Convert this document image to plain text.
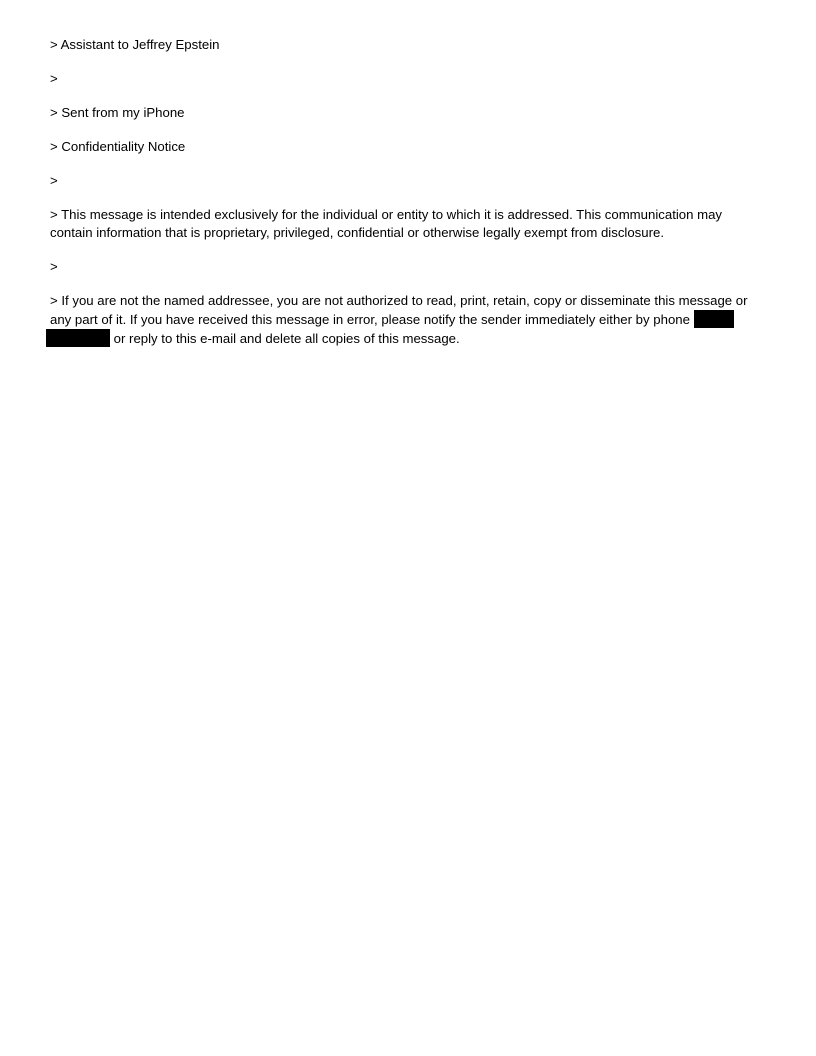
> Assistant to Jeffrey Epstein

>

> Sent from my iPhone

> Confidentiality Notice

>

> This message is intended exclusively for the individual or entity to which it is addressed. This communication may contain information that is proprietary, privileged, confidential or otherwise legally exempt from disclosure.

>

> If you are not the named addressee, you are not authorized to read, print, retain, copy or disseminate this message or any part of it. If you have received this message in error, please notify the sender immediately either by phone   or reply to this e-mail and delete all copies of this message.
